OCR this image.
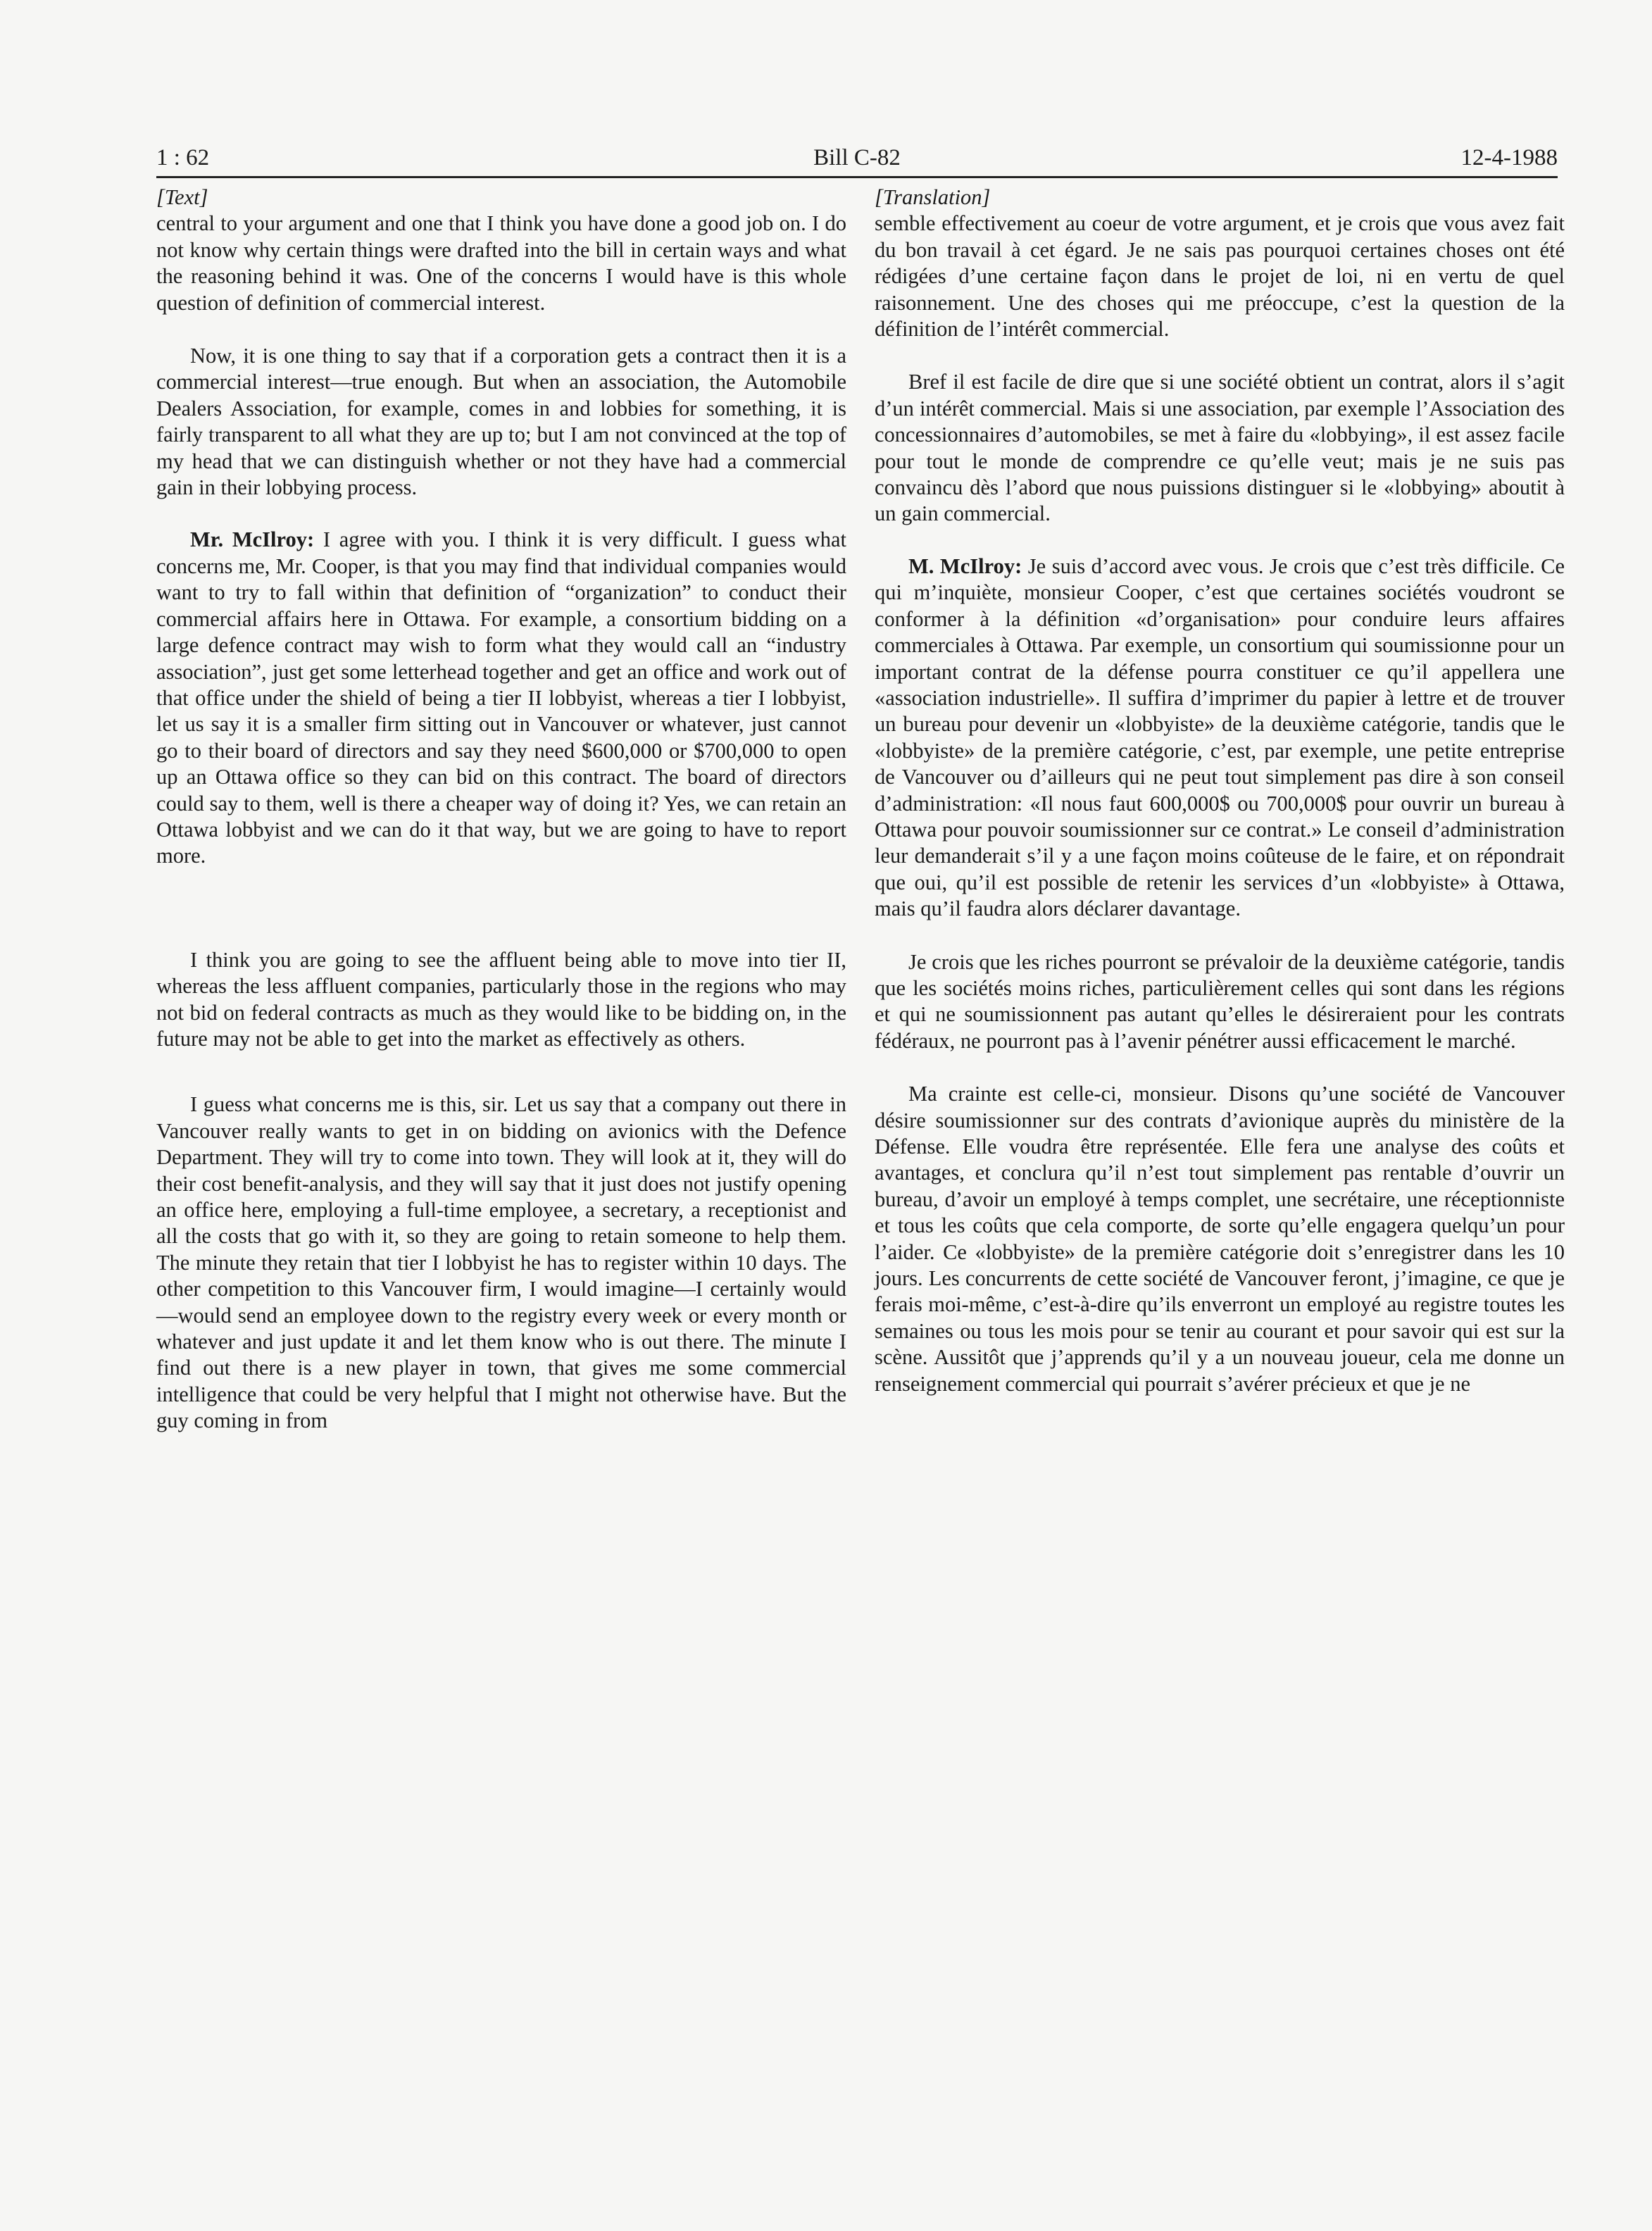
1 : 62	Bill C-82	12-4-1988
[Text]

central to your argument and one that I think you have done a good job on. I do not know why certain things were drafted into the bill in certain ways and what the reasoning behind it was. One of the concerns I would have is this whole question of definition of commercial interest.

Now, it is one thing to say that if a corporation gets a contract then it is a commercial interest—true enough. But when an association, the Automobile Dealers Association, for example, comes in and lobbies for something, it is fairly transparent to all what they are up to; but I am not convinced at the top of my head that we can distinguish whether or not they have had a commercial gain in their lobbying process.

Mr. McIlroy: I agree with you. I think it is very difficult. I guess what concerns me, Mr. Cooper, is that you may find that individual companies would want to try to fall within that definition of “organization” to conduct their commercial affairs here in Ottawa. For example, a consortium bidding on a large defence contract may wish to form what they would call an “industry association”, just get some letterhead together and get an office and work out of that office under the shield of being a tier II lobbyist, whereas a tier I lobbyist, let us say it is a smaller firm sitting out in Vancouver or whatever, just cannot go to their board of directors and say they need $600,000 or $700,000 to open up an Ottawa office so they can bid on this contract. The board of directors could say to them, well is there a cheaper way of doing it? Yes, we can retain an Ottawa lobbyist and we can do it that way, but we are going to have to report more.

I think you are going to see the affluent being able to move into tier II, whereas the less affluent companies, particularly those in the regions who may not bid on federal contracts as much as they would like to be bidding on, in the future may not be able to get into the market as effectively as others.

I guess what concerns me is this, sir. Let us say that a company out there in Vancouver really wants to get in on bidding on avionics with the Defence Department. They will try to come into town. They will look at it, they will do their cost benefit-analysis, and they will say that it just does not justify opening an office here, employing a full-time employee, a secretary, a receptionist and all the costs that go with it, so they are going to retain someone to help them. The minute they retain that tier I lobbyist he has to register within 10 days. The other competition to this Vancouver firm, I would imagine—I certainly would—would send an employee down to the registry every week or every month or whatever and just update it and let them know who is out there. The minute I find out there is a new player in town, that gives me some commercial intelligence that could be very helpful that I might not otherwise have. But the guy coming in from

[Translation]

semble effectivement au coeur de votre argument, et je crois que vous avez fait du bon travail à cet égard. Je ne sais pas pourquoi certaines choses ont été rédigées d’une certaine façon dans le projet de loi, ni en vertu de quel raisonnement. Une des choses qui me préoccupe, c’est la question de la définition de l’intérêt commercial.

Bref il est facile de dire que si une société obtient un contrat, alors il s’agit d’un intérêt commercial. Mais si une association, par exemple l’Association des concessionnaires d’automobiles, se met à faire du «lobbying», il est assez facile pour tout le monde de comprendre ce qu’elle veut; mais je ne suis pas convaincu dès l’abord que nous puissions distinguer si le «lobbying» aboutit à un gain commercial.

M. McIlroy: Je suis d’accord avec vous. Je crois que c’est très difficile. Ce qui m’inquiète, monsieur Cooper, c’est que certaines sociétés voudront se conformer à la définition «d’organisation» pour conduire leurs affaires commerciales à Ottawa. Par exemple, un consortium qui soumissionne pour un important contrat de la défense pourra constituer ce qu’il appellera une «association industrielle». Il suffira d’imprimer du papier à lettre et de trouver un bureau pour devenir un «lobbyiste» de la deuxième catégorie, tandis que le «lobbyiste» de la première catégorie, c’est, par exemple, une petite entreprise de Vancouver ou d’ailleurs qui ne peut tout simplement pas dire à son conseil d’administration: «Il nous faut 600,000$ ou 700,000$ pour ouvrir un bureau à Ottawa pour pouvoir soumissionner sur ce contrat.» Le conseil d’administration leur demanderait s’il y a une façon moins coûteuse de le faire, et on répondrait que oui, qu’il est possible de retenir les services d’un «lobbyiste» à Ottawa, mais qu’il faudra alors déclarer davantage.

Je crois que les riches pourront se prévaloir de la deuxième catégorie, tandis que les sociétés moins riches, particulièrement celles qui sont dans les régions et qui ne soumissionnent pas autant qu’elles le désireraient pour les contrats fédéraux, ne pourront pas à l’avenir pénétrer aussi efficacement le marché.

Ma crainte est celle-ci, monsieur. Disons qu’une société de Vancouver désire soumissionner sur des contrats d’avionique auprès du ministère de la Défense. Elle voudra être représentée. Elle fera une analyse des coûts et avantages, et conclura qu’il n’est tout simplement pas rentable d’ouvrir un bureau, d’avoir un employé à temps complet, une secrétaire, une réceptionniste et tous les coûts que cela comporte, de sorte qu’elle engagera quelqu’un pour l’aider. Ce «lobbyiste» de la première catégorie doit s’enregistrer dans les 10 jours. Les concurrents de cette société de Vancouver feront, j’imagine, ce que je ferais moi-même, c’est-à-dire qu’ils enverront un employé au registre toutes les semaines ou tous les mois pour se tenir au courant et pour savoir qui est sur la scène. Aussitôt que j’apprends qu’il y a un nouveau joueur, cela me donne un renseignement commercial qui pourrait s’avérer précieux et que je ne
